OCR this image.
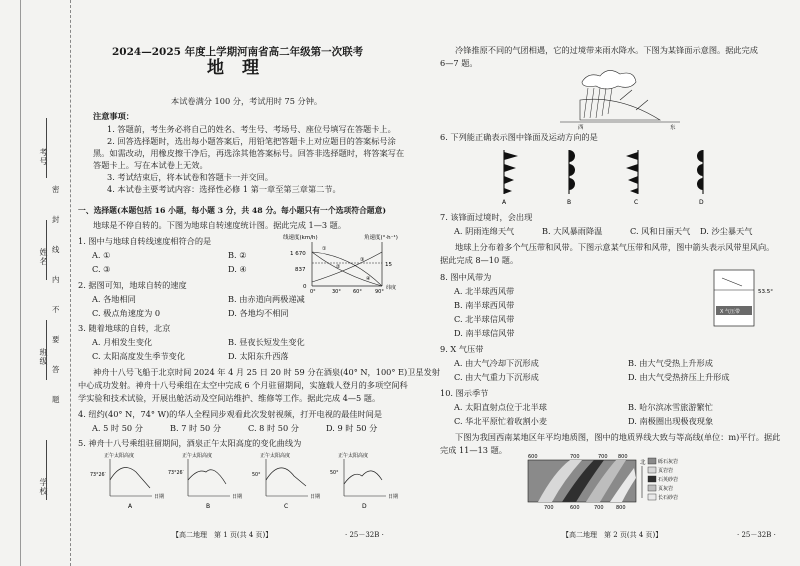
考号
姓名
班级
学校
密
封
线
内
不
要
答
题
2024—2025 年度上学期河南省高二年级第一次联考
地理
本试卷满分 100 分，考试用时 75 分钟。
注意事项：
1. 答题前，考生务必将自己的姓名、考生号、考场号、座位号填写在答题卡上。
2. 回答选择题时，选出每小题答案后，用铅笔把答题卡上对应题目的答案标号涂
黑。如需改动，用橡皮擦干净后，再选涂其他答案标号。回答非选择题时，将答案写在
答题卡上。写在本试卷上无效。
3. 考试结束后，将本试卷和答题卡一并交回。
4. 本试卷主要考试内容：选择性必修 1 第一章至第三章第二节。
一、选择题(本题包括 16 小题，每小题 3 分，共 48 分。每小题只有一个选项符合题意)
地球是不停自转的。下图为地球自转速度统计图。据此完成 1—3 题。
1. 图中与地球自转线速度相符合的是
A. ①	B. ②
C. ③	D. ④
2. 据图可知，地球自转的速度
A. 各地相同	B. 由赤道向两极递减
C. 极点角速度为 0	D. 各地均不相同
3. 随着地球的自转，北京
A. 月相发生变化	B. 昼夜长短发生变化
C. 太阳高度发生季节变化	D. 太阳东升西落
线速度(km/h)	角速度(°·h⁻¹)
1 670
837
0
15
0°	30° 60°	90°
纬度
①
②
③
④
神舟十八号飞船于北京时间 2024 年 4 月 25 日 20 时 59 分在酒泉(40° N，100° E)卫星发射
中心成功发射。神舟十八号乘组在太空中完成 6 个月驻留期间，实施载人登月的多项空间科
学实验和技术试验，开展出舱活动及空间站维护、维修等工作。据此完成 4—5 题。
4. 纽约(40° N，74° W)的华人全程同步观看此次发射视频，打开电视的最佳时间是
A. 5 时 50 分	B. 7 时 50 分	C. 8 时 50 分	D. 9 时 50 分
5. 神舟十八号乘组驻留期间，酒泉正午太阳高度的变化曲线为
正午太阳高度
73°26′
日期
A
正午太阳高度
73°26′
日期
B
正午太阳高度
50°
日期
C
正午太阳高度
50°
日期
D
【高二地理　第 1 页(共 4 页)】	· 25－32B ·
冷锋推原不同的气团相遇，它的过境带来雨水降水。下图为某锋面示意图。据此完成
6—7 题。
西	东
6. 下列能正确表示图中锋面及运动方向的是
A	B	C	D
7. 该锋面过境时，会出现
A. 阴雨连绵天气	B. 大风暴雨降温	C. 风和日丽天气 D. 沙尘暴天气
地球上分布着多个气压带和风带。下图示意某气压带和风带，图中箭头表示风带里风向。
据此完成 8—10 题。
X 气压带
53.5°
8. 图中风带为
A. 北半球西风带
B. 南半球西风带
C. 北半球信风带
D. 南半球信风带
9. X 气压带
A. 由大气冷却下沉形成	B. 由大气受热上升形成
C. 由大气重力下沉形成	D. 由大气受热挤压上升形成
10. 图示季节
A. 太阳直射点位于北半球	B. 哈尔滨冰雪旅游繁忙
C. 华北平原忙着收割小麦	D. 南极圈出现极夜现象
下图为我国西南某地区年平均地质图，图中的地质界线大致与等高线(单位：m)平行。据此
完成 11—13 题。
600	700	700 800
700	600	700 800
北 砾石灰岩
页岩岩
石英砂岩
页灰岩
长石砂岩
【高二地理　第 2 页(共 4 页)】	· 25－32B ·
